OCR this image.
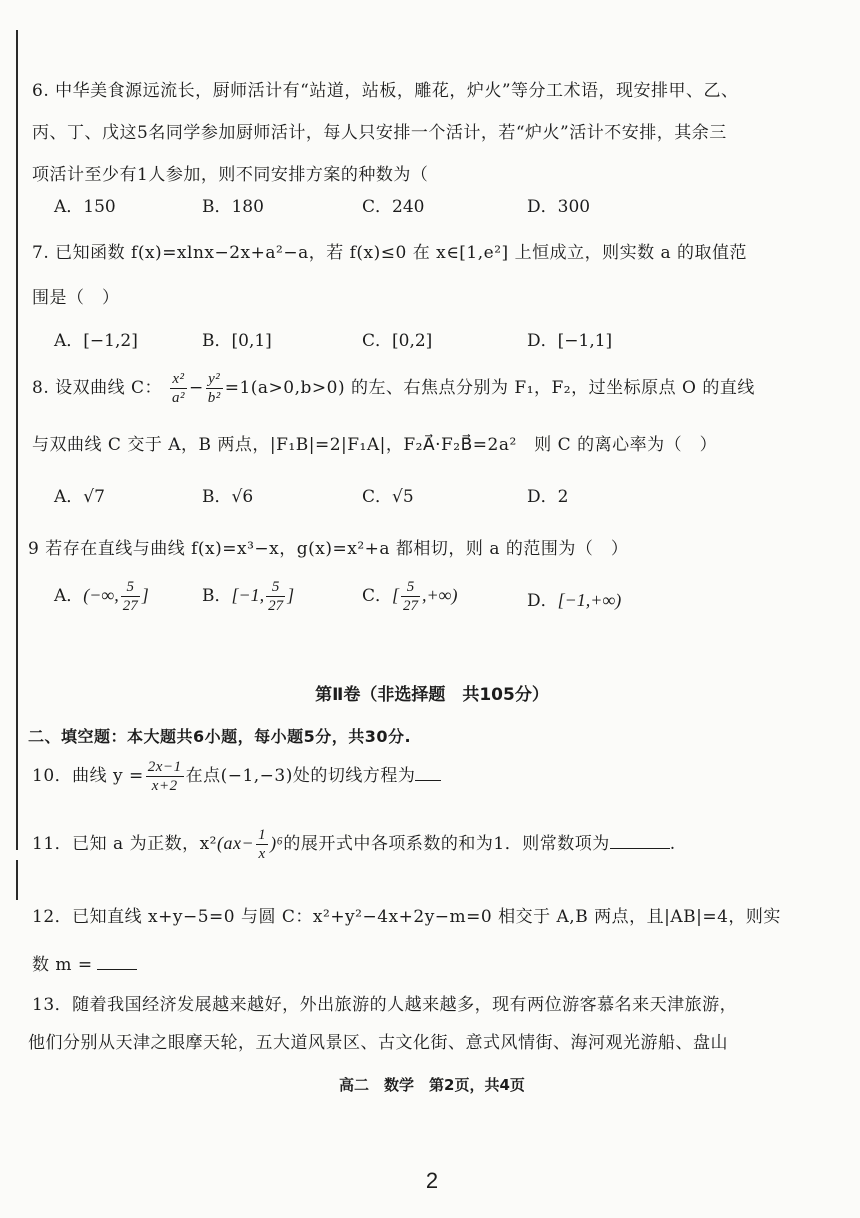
6. 中华美食源远流长，厨师活计有“站道，站板，雕花，炉火”等分工术语，现安排甲、乙、
丙、丁、戊这5名同学参加厨师活计，每人只安排一个活计，若“炉火”活计不安排，其余三
项活计至少有1人参加，则不同安排方案的种数为（
A．150	B．180	C．240	D．300
7. 已知函数 f(x)=xlnx−2x+a²−a，若 f(x)≤0 在 x∈[1,e²] 上恒成立，则实数 a 的取值范
围是（　）
A．[−1,2]	B．[0,1]	C．[0,2]	D．[−1,1]
8. 设双曲线 C： $\frac{\text{x²}}{\text{a²}} - \frac{\text{y²}}{\text{b²}} =1(a>0,b>0)$ 的左、右焦点分别为 F₁，F₂，过坐标原点 O 的直线
与双曲线 C 交于 A，B 两点，|F₁B|=2|F₁A|，F₂A⃗·F₂B⃗=2a²　则 C 的离心率为（　）
A．√7	B．√6	C．√5	D．2
9 若存在直线与曲线 f(x)=x³−x，g(x)=x²+a 都相切，则 a 的范围为（　）
A．(−∞, $\frac{5}{27}$ ]	B．[−1, $\frac{5}{27}$ ]	C．[ $\frac{5}{27}$ ,+∞)	D．[−1,+∞)
第Ⅱ卷（非选择题　共105分）
二、填空题：本大题共6小题，每小题5分，共30分.
10．曲线 $y = \frac{2x-1}{x+2}$ 在点(−1,−3)处的切线方程为
11．已知 a 为正数，$x^2(ax- \frac{1}{x} )^6$的展开式中各项系数的和为1．则常数项为	.
12．已知直线 x+y−5=0 与圆 C：x²+y²−4x+2y−m=0 相交于 A,B 两点，且|AB|=4，则实
数 m =
13．随着我国经济发展越来越好，外出旅游的人越来越多，现有两位游客慕名来天津旅游，
他们分别从天津之眼摩天轮，五大道风景区、古文化街、意式风情街、海河观光游船、盘山
高二　数学　第2页，共4页
2
